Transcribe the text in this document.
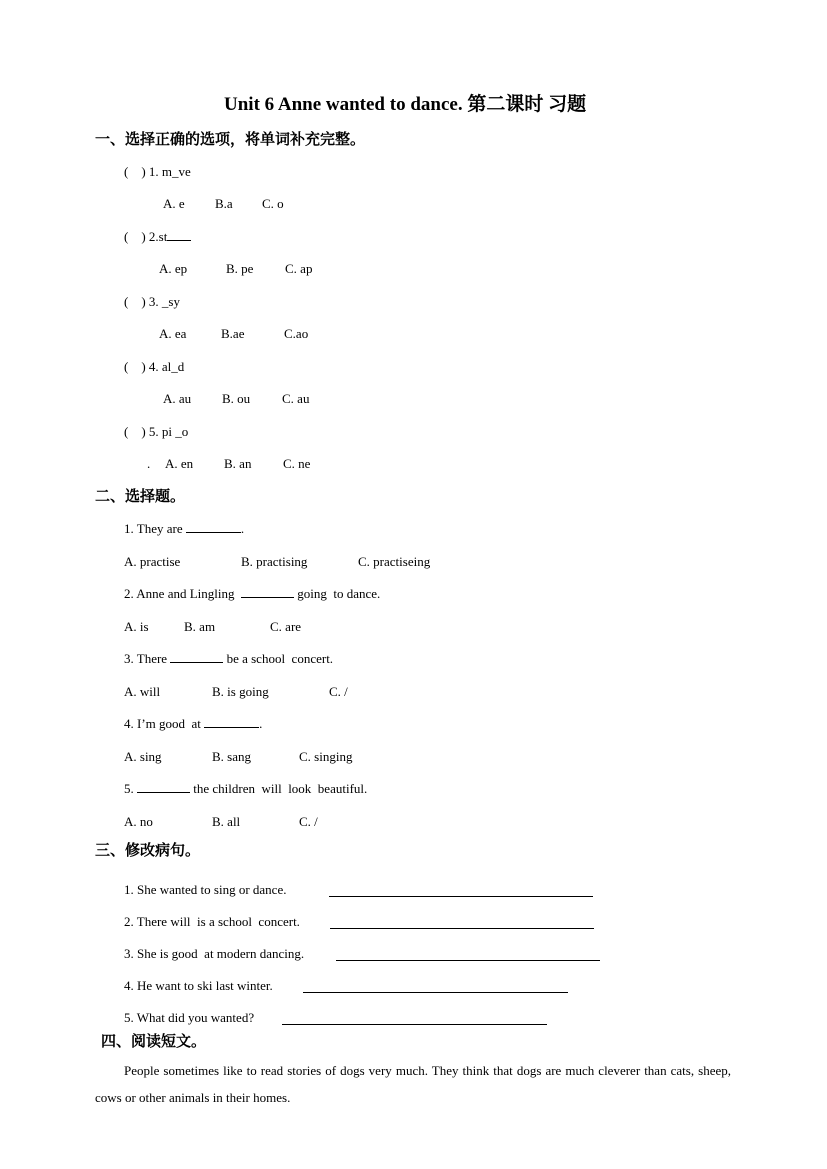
Unit 6 Anne wanted to dance. 第二课时 习题
一、选择正确的选项，将单词补充完整。
(    ) 1. m_ve
A. e B.a C. o
(    ) 2.st
A. ep	B. pe C. ap
(    ) 3. _sy
A. ea	B.ae	C.ao
(    ) 4. al_d
A. au B. ou C. au
(    ) 5. pi _o
. A. en B. an C. ne
二、选择题。
1. They are	.
A. practise	B. practising	C. practiseing
2. Anne and Lingling	going  to dance.
A. is	B. am	C. are
3. There	be a school  concert.
A. will	B. is going	C. /
4. I’m good  at	.
A. sing	B. sang	C. singing
5.	the children  will  look  beautiful.
A. no	B. all	C. /
三、修改病句。
1. She wanted to sing or dance.
2. There will  is a school  concert.
3. She is good  at modern dancing.
4. He want to ski last winter.
5. What did you wanted?
四、阅读短文。

People sometimes like to read stories of dogs very much. They think that dogs are much cleverer than cats, sheep, cows or other animals in their homes.
